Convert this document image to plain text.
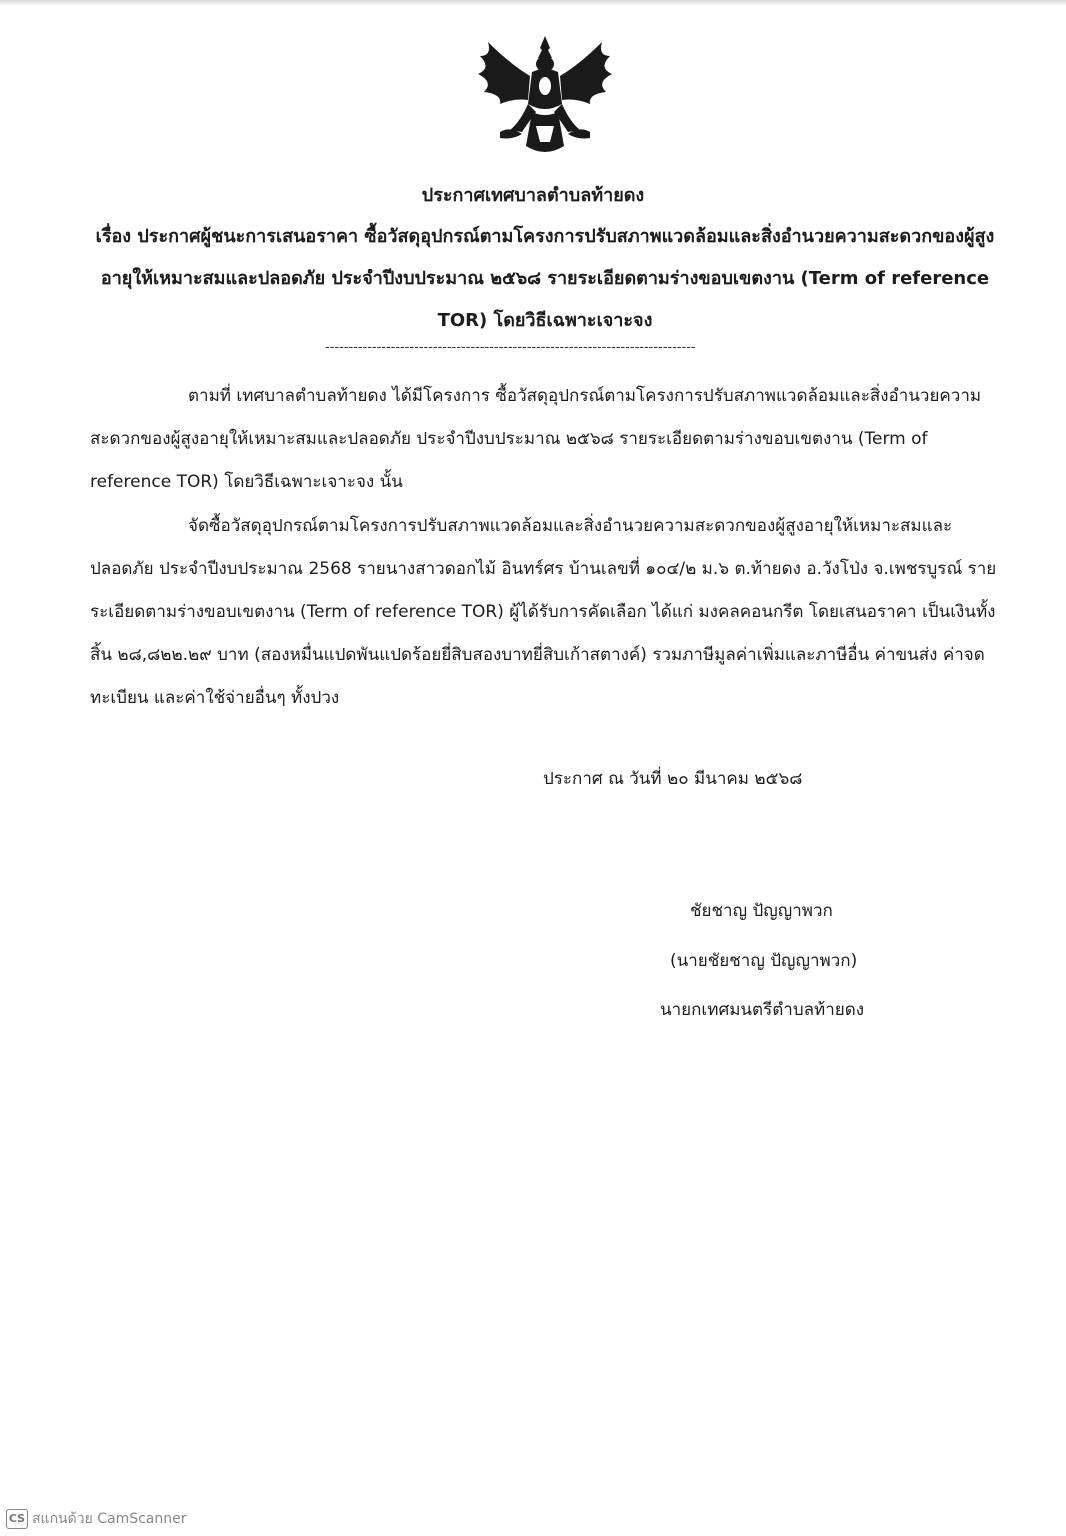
ประกาศเทศบาลตำบลท้ายดง
เรื่อง ประกาศผู้ชนะการเสนอราคา ซื้อวัสดุอุปกรณ์ตามโครงการปรับสภาพแวดล้อมและสิ่งอำนวยความสะดวกของผู้สูงอายุให้เหมาะสมและปลอดภัย ประจำปีงบประมาณ ๒๕๖๘ รายระเอียดตามร่างขอบเขตงาน (Term of reference TOR) โดยวิธีเฉพาะเจาะจง
-------------------------------------------------------------------------------
ตามที่ เทศบาลตำบลท้ายดง ได้มีโครงการ ซื้อวัสดุอุปกรณ์ตามโครงการปรับสภาพแวดล้อมและสิ่งอำนวยความสะดวกของผู้สูงอายุให้เหมาะสมและปลอดภัย ประจำปีงบประมาณ ๒๕๖๘ รายระเอียดตามร่างขอบเขตงาน (Term of reference TOR) โดยวิธีเฉพาะเจาะจง นั้น
จัดซื้อวัสดุอุปกรณ์ตามโครงการปรับสภาพแวดล้อมและสิ่งอำนวยความสะดวกของผู้สูงอายุให้เหมาะสมและปลอดภัย ประจำปีงบประมาณ 2568 รายนางสาวดอกไม้ อินทร์ศร บ้านเลขที่ ๑๐๔/๒ ม.๖ ต.ท้ายดง อ.วังโป่ง จ.เพชรบูรณ์ รายระเอียดตามร่างขอบเขตงาน (Term of reference TOR) ผู้ได้รับการคัดเลือก ได้แก่ มงคลคอนกรีต โดยเสนอราคา เป็นเงินทั้งสิ้น ๒๘,๘๒๒.๒๙ บาท (สองหมื่นแปดพันแปดร้อยยี่สิบสองบาทยี่สิบเก้าสตางค์) รวมภาษีมูลค่าเพิ่มและภาษีอื่น ค่าขนส่ง ค่าจดทะเบียน และค่าใช้จ่ายอื่นๆ ทั้งปวง
ประกาศ ณ วันที่ ๒๐ มีนาคม ๒๕๖๘
ชัยชาญ ปัญญาพวก
(นายชัยชาญ ปัญญาพวก)
นายกเทศมนตรีตำบลท้ายดง
CS สแกนด้วย CamScanner
